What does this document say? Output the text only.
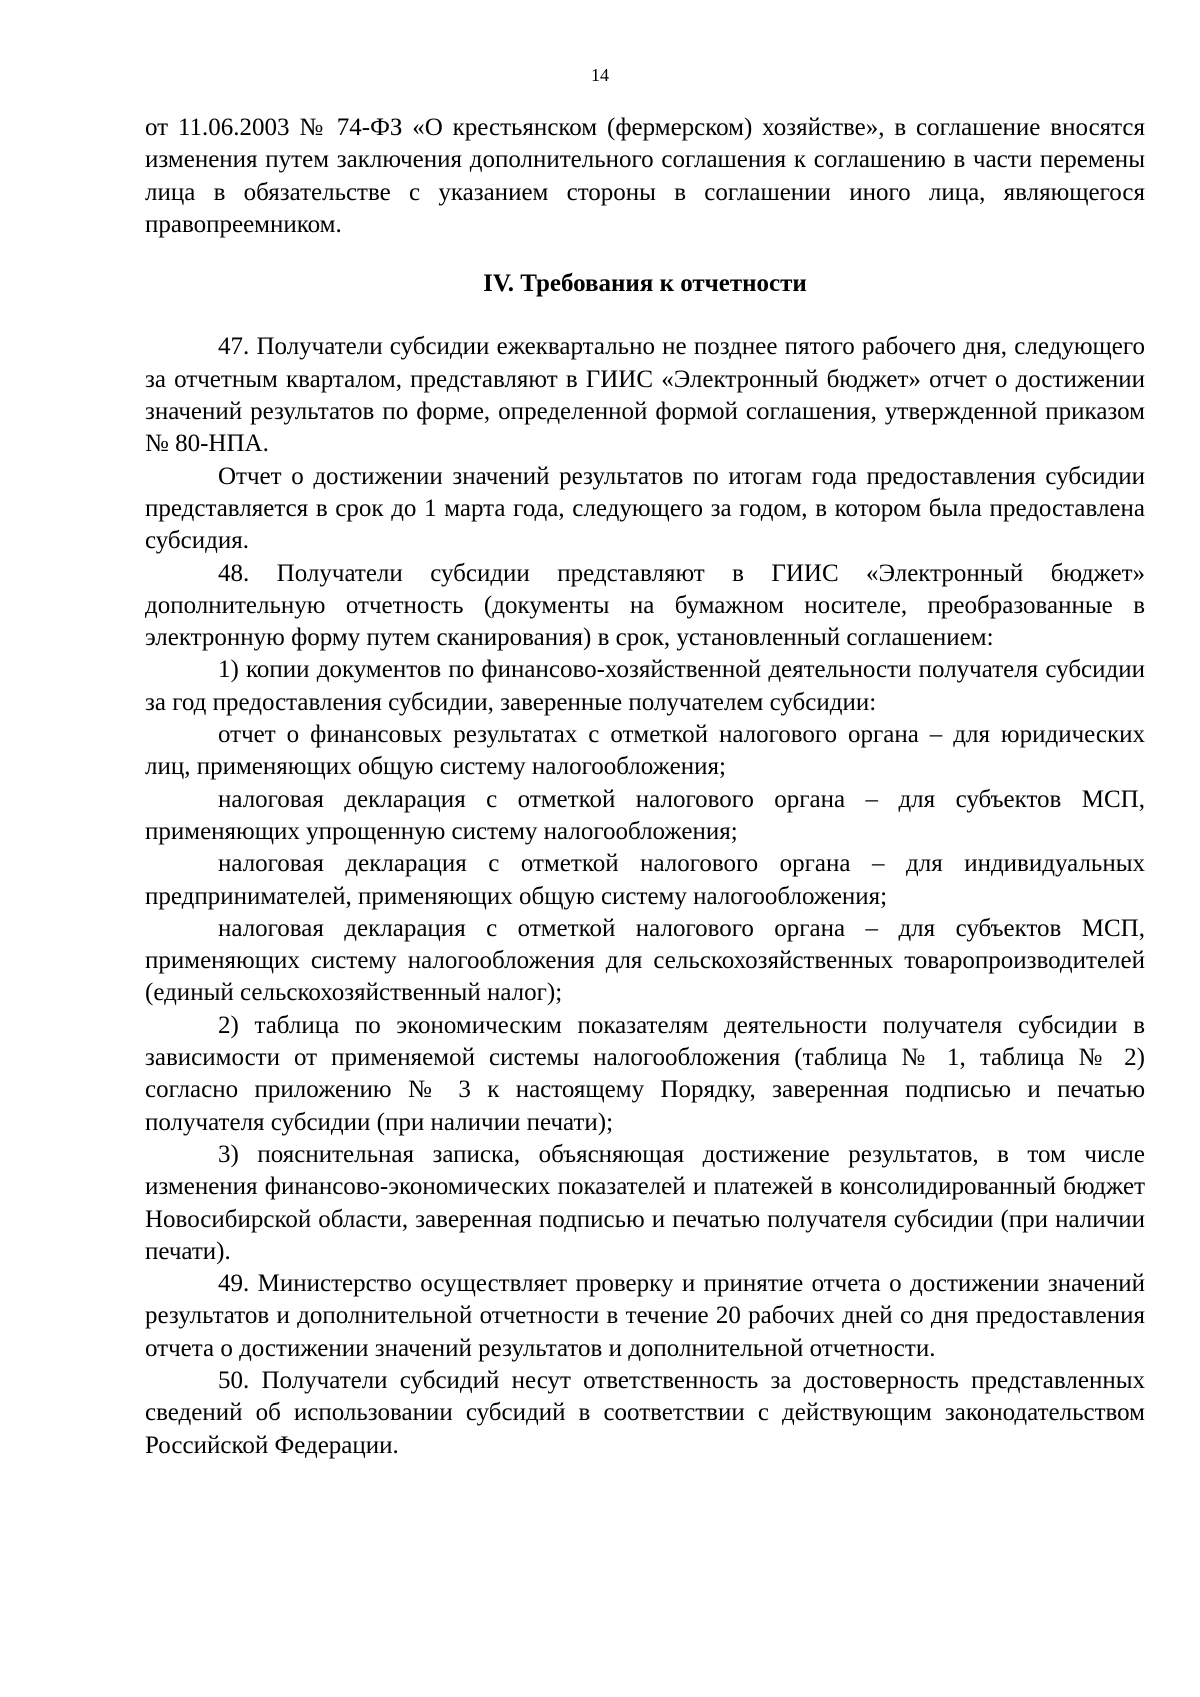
14

от 11.06.2003 № 74-ФЗ «О крестьянском (фермерском) хозяйстве», в соглашение вносятся изменения путем заключения дополнительного соглашения к соглашению в части перемены лица в обязательстве с указанием стороны в соглашении иного лица, являющегося правопреемником.

IV. Требования к отчетности

47. Получатели субсидии ежеквартально не позднее пятого рабочего дня, следующего за отчетным кварталом, представляют в ГИИС «Электронный бюджет» отчет о достижении значений результатов по форме, определенной формой соглашения, утвержденной приказом № 80-НПА.

Отчет о достижении значений результатов по итогам года предоставления субсидии представляется в срок до 1 марта года, следующего за годом, в котором была предоставлена субсидия.

48. Получатели субсидии представляют в ГИИС «Электронный бюджет» дополнительную отчетность (документы на бумажном носителе, преобразованные в электронную форму путем сканирования) в срок, установленный соглашением:

1) копии документов по финансово-хозяйственной деятельности получателя субсидии за год предоставления субсидии, заверенные получателем субсидии:

отчет о финансовых результатах с отметкой налогового органа – для юридических лиц, применяющих общую систему налогообложения;

налоговая декларация с отметкой налогового органа – для субъектов МСП, применяющих упрощенную систему налогообложения;

налоговая декларация с отметкой налогового органа – для индивидуальных предпринимателей, применяющих общую систему налогообложения;

налоговая декларация с отметкой налогового органа – для субъектов МСП, применяющих систему налогообложения для сельскохозяйственных товаропроизводителей (единый сельскохозяйственный налог);

2) таблица по экономическим показателям деятельности получателя субсидии в зависимости от применяемой системы налогообложения (таблица № 1, таблица № 2) согласно приложению № 3 к настоящему Порядку, заверенная подписью и печатью получателя субсидии (при наличии печати);

3) пояснительная записка, объясняющая достижение результатов, в том числе изменения финансово-экономических показателей и платежей в консолидированный бюджет Новосибирской области, заверенная подписью и печатью получателя субсидии (при наличии печати).

49. Министерство осуществляет проверку и принятие отчета о достижении значений результатов и дополнительной отчетности в течение 20 рабочих дней со дня предоставления отчета о достижении значений результатов и дополнительной отчетности.

50. Получатели субсидий несут ответственность за достоверность представленных сведений об использовании субсидий в соответствии с действующим законодательством Российской Федерации.
